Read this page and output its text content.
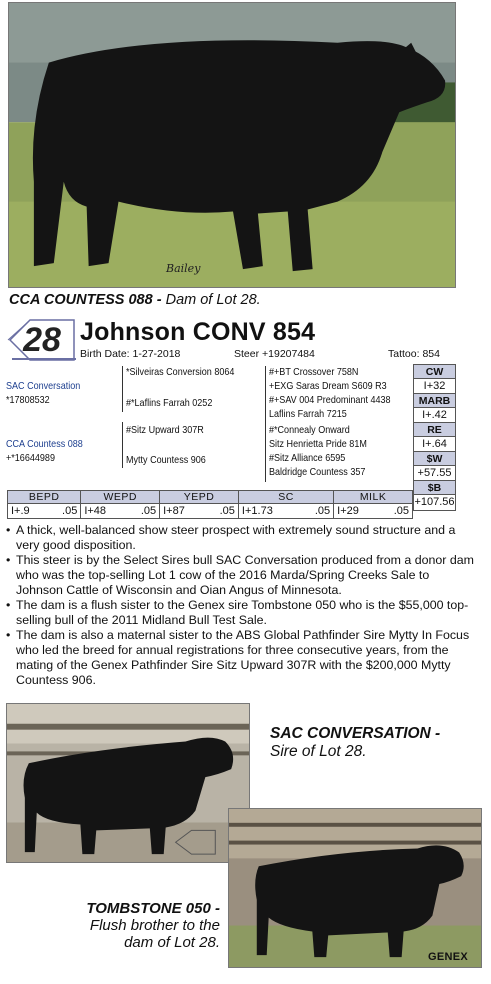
Bailey
CCA COUNTESS 088 - Dam of Lot 28.
28 Johnson CONV 854
Birth Date: 1-27-2018	Steer +19207484	Tattoo: 854
SAC Conversation
*17808532
CCA Countess 088
+*16644989
*Silveiras Conversion 8064
#*Laflins Farrah 0252
#Sitz Upward 307R
Mytty Countess 906
#+BT Crossover 758N
+EXG Saras Dream S609 R3
#+SAV 004 Predominant 4438
Laflins Farrah 7215
#*Connealy Onward
Sitz Henrietta Pride 81M
#Sitz Alliance 6595
Baldridge Countess 357
CW
I+32
MARB
I+.42
RE
I+.64
$W
+57.55
$B
+107.56
BEPD	WEPD	YEPD	SC	MILK

I+.9 .05	I+48 .05	I+87 .05	I+1.73 .05	I+29 .05
• A thick, well-balanced show steer prospect with extremely sound structure and a very good disposition.
• This steer is by the Select Sires bull SAC Conversation produced from a donor dam who was the top-selling Lot 1 cow of the 2016 Marda/Spring Creeks Sale to Johnson Cattle of Wisconsin and Oian Angus of Minnesota.
• The dam is a flush sister to the Genex sire Tombstone 050 who is the $55,000 top-selling bull of the 2011 Midland Bull Test Sale.
• The dam is also a maternal sister to the ABS Global Pathfinder Sire Mytty In Focus who led the breed for annual registrations for three consecutive years, from the mating of the Genex Pathfinder Sire Sitz Upward 307R with the $200,000 Mytty Countess 906.
SAC CONVERSATION -
Sire of Lot 28.
GENEX
TOMBSTONE 050 -
Flush brother to the
dam of Lot 28.
